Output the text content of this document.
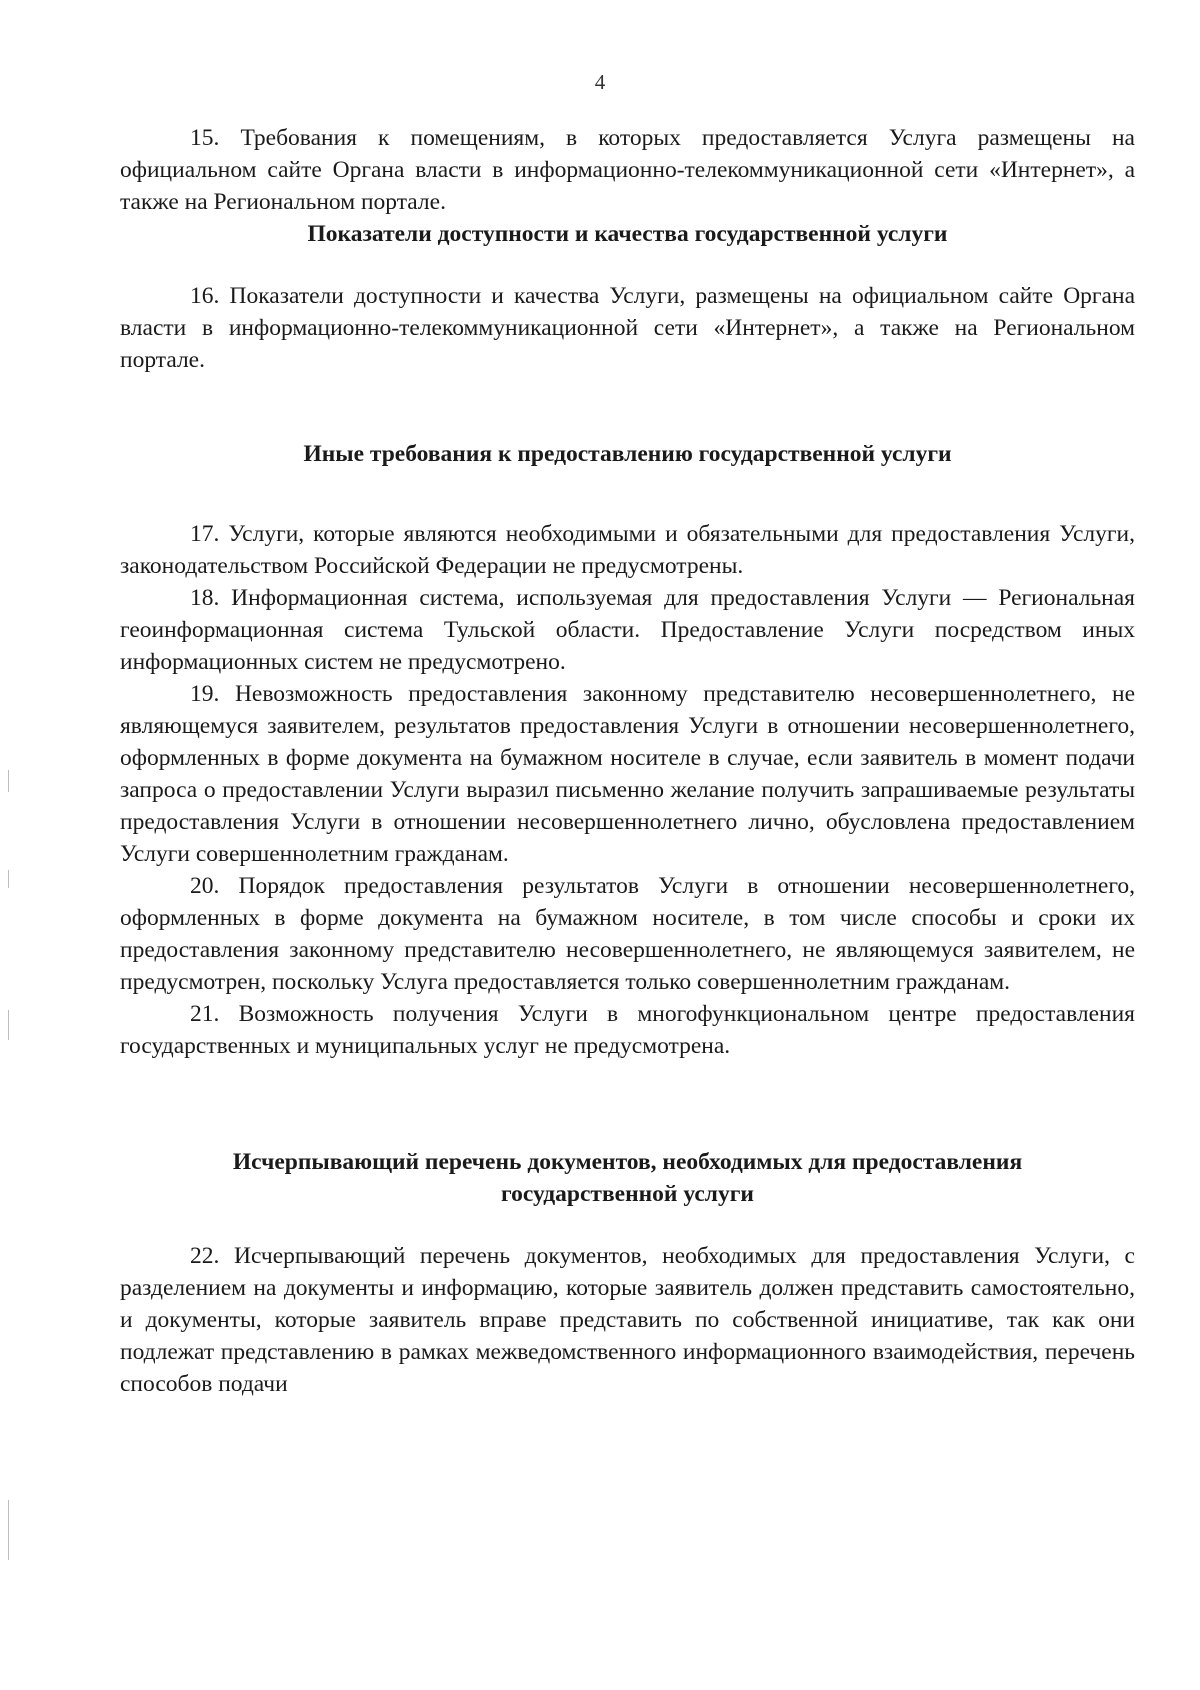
4

15. Требования к помещениям, в которых предоставляется Услуга размещены на официальном сайте Органа власти в информационно-телекоммуникационной сети «Интернет», а также на Региональном портале.

Показатели доступности и качества государственной услуги

16. Показатели доступности и качества Услуги, размещены на официальном сайте Органа власти в информационно-телекоммуникационной сети «Интернет», а также на Региональном портале.

Иные требования к предоставлению государственной услуги

17. Услуги, которые являются необходимыми и обязательными для предоставления Услуги, законодательством Российской Федерации не предусмотрены.

18. Информационная система, используемая для предоставления Услуги — Региональная геоинформационная система Тульской области. Предоставление Услуги посредством иных информационных систем не предусмотрено.

19. Невозможность предоставления законному представителю несовершеннолетнего, не являющемуся заявителем, результатов предоставления Услуги в отношении несовершеннолетнего, оформленных в форме документа на бумажном носителе в случае, если заявитель в момент подачи запроса о предоставлении Услуги выразил письменно желание получить запрашиваемые результаты предоставления Услуги в отношении несовершеннолетнего лично, обусловлена предоставлением Услуги совершеннолетним гражданам.

20. Порядок предоставления результатов Услуги в отношении несовершеннолетнего, оформленных в форме документа на бумажном носителе, в том числе способы и сроки их предоставления законному представителю несовершеннолетнего, не являющемуся заявителем, не предусмотрен, поскольку Услуга предоставляется только совершеннолетним гражданам.

21. Возможность получения Услуги в многофункциональном центре предоставления государственных и муниципальных услуг не предусмотрена.

Исчерпывающий перечень документов, необходимых для предоставления

государственной услуги

22. Исчерпывающий перечень документов, необходимых для предоставления Услуги, с разделением на документы и информацию, которые заявитель должен представить самостоятельно, и документы, которые заявитель вправе представить по собственной инициативе, так как они подлежат представлению в рамках межведомственного информационного взаимодействия, перечень способов подачи
